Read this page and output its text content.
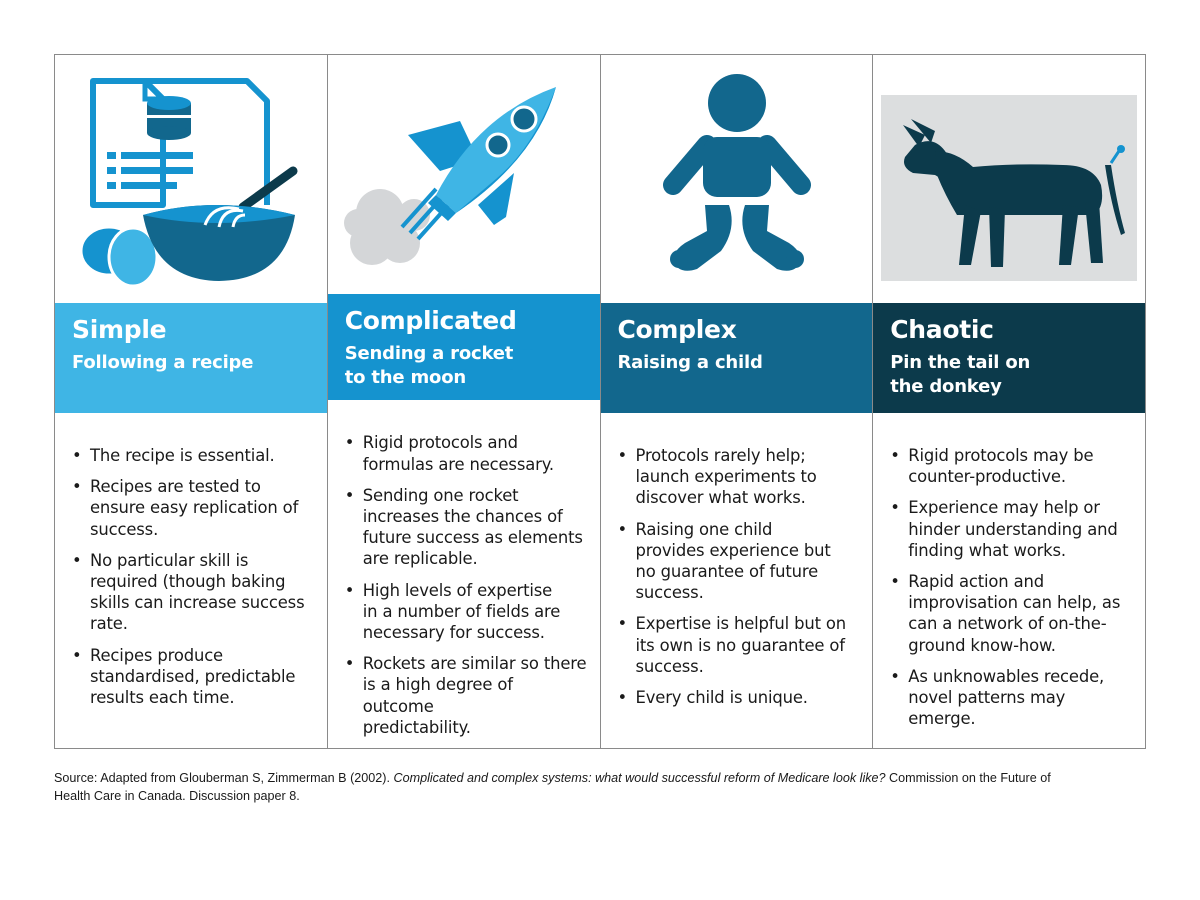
Simple
Following a recipe
• The recipe is essential.
• Recipes are tested to
ensure easy replication of
success.
• No particular skill is
required (though baking
skills can increase success
rate.
• Recipes produce
standardised, predictable
results each time.
Complicated
Sending a rocket
to the moon
• Rigid protocols and
formulas are necessary.
• Sending one rocket
increases the chances of
future success as elements
are replicable.
• High levels of expertise
in a number of fields are
necessary for success.
• Rockets are similar so there
is a high degree of outcome
predictability.
Complex
Raising a child
• Protocols rarely help;
launch experiments to
discover what works.
• Raising one child
provides experience but
no guarantee of future
success.
• Expertise is helpful but on
its own is no guarantee of
success.
• Every child is unique.
Chaotic
Pin the tail on
the donkey
• Rigid protocols may be
counter-productive.
• Experience may help or
hinder understanding and
finding what works.
• Rapid action and
improvisation can help, as
can a network of on-the-
ground know-how.
• As unknowables recede,
novel patterns may emerge.
Source: Adapted from Glouberman S, Zimmerman B (2002). Complicated and complex systems: what would successful reform of Medicare look like? Commission on the Future of Health Care in Canada. Discussion paper 8.
